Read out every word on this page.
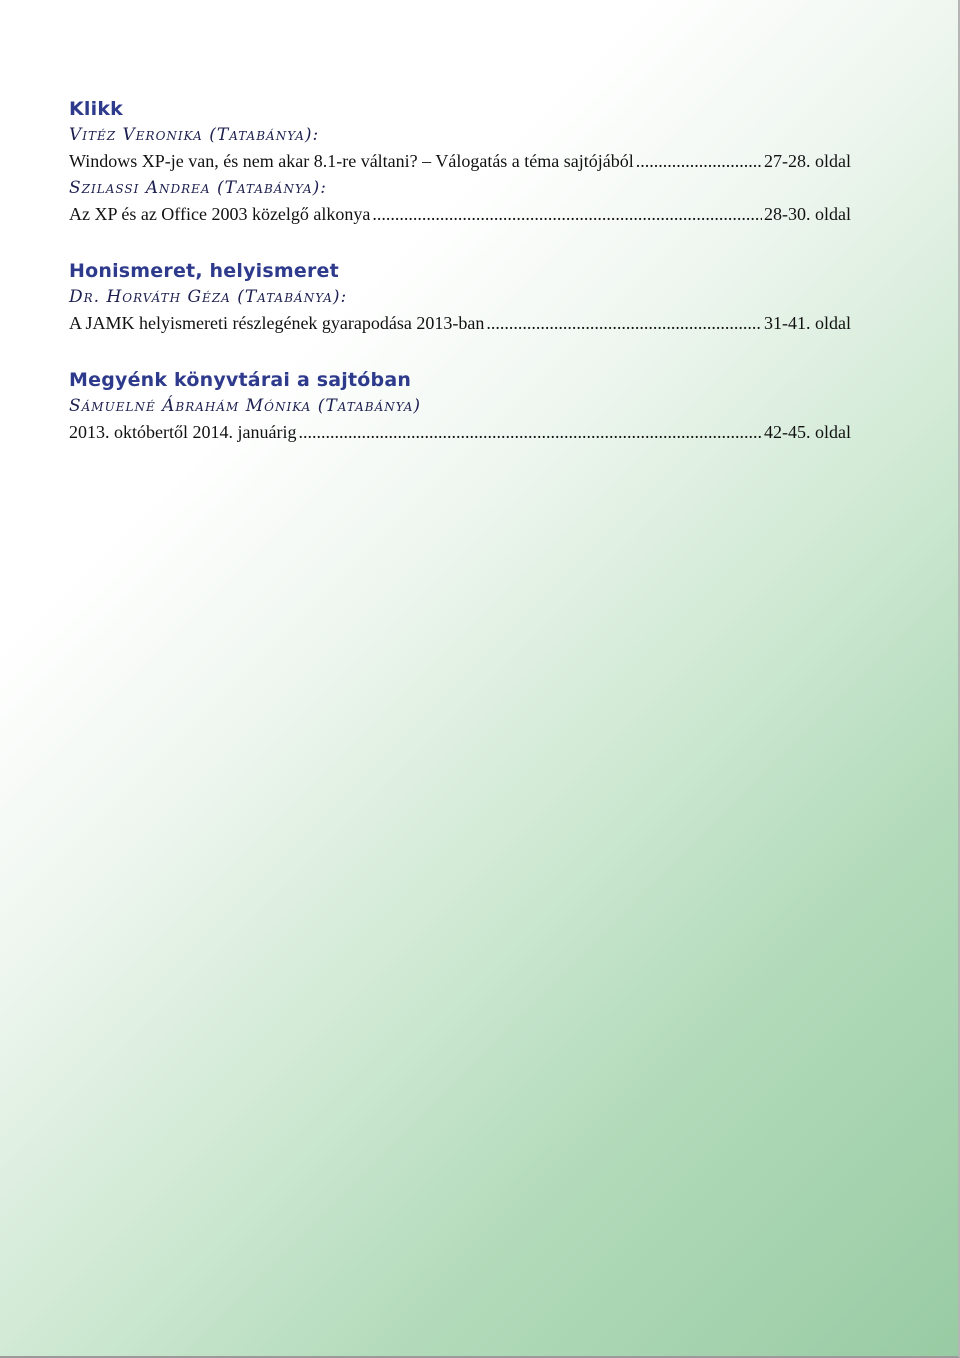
Klikk
Vitéz Veronika (Tatabánya):
Windows XP-je van, és nem akar 8.1-re váltani? – Válogatás a téma sajtójából .....	27-28. oldal
Szilassi Andrea (Tatabánya):
Az XP és az Office 2003 közelgő alkonya .....	28-30. oldal
Honismeret, helyismeret
Dr. Horváth Géza (Tatabánya):
A JAMK helyismereti részlegének gyarapodása 2013-ban .....	31-41. oldal
Megyénk könyvtárai a sajtóban
Sámuelné Ábrahám Mónika (Tatabánya)
2013. októbertől 2014. januárig .....	42-45. oldal
